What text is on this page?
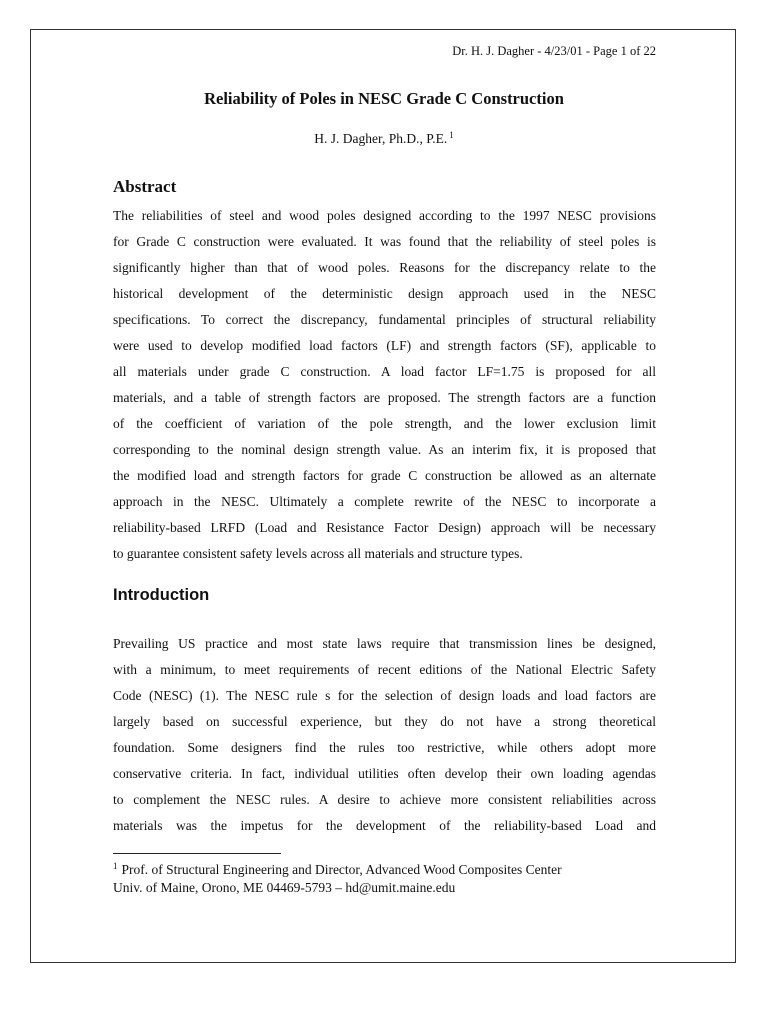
Dr. H. J. Dagher - 4/23/01 - Page 1 of 22
Reliability of Poles in NESC Grade C Construction
H. J. Dagher, Ph.D., P.E. $^1$
Abstract
The reliabilities of steel and wood poles designed according to the 1997 NESC provisions
for Grade C construction were evaluated. It was found that the reliability of steel poles is
significantly higher than that of wood poles. Reasons for the discrepancy relate to the
historical development of the deterministic design approach used in the NESC
specifications. To correct the discrepancy, fundamental principles of structural reliability
were used to develop modified load factors (LF) and strength factors (SF), applicable to
all materials under grade C construction. A load factor LF=1.75 is proposed for all
materials, and a table of strength factors are proposed. The strength factors are a function
of the coefficient of variation of the pole strength, and the lower exclusion limit
corresponding to the nominal design strength value. As an interim fix, it is proposed that
the modified load and strength factors for grade C construction be allowed as an alternate
approach in the NESC. Ultimately a complete rewrite of the NESC to incorporate a
reliability-based LRFD (Load and Resistance Factor Design) approach will be necessary
to guarantee consistent safety levels across all materials and structure types.
Introduction
Prevailing US practice and most state laws require that transmission lines be designed,
with a minimum, to meet requirements of recent editions of the National Electric Safety
Code (NESC) (1). The NESC rule s for the selection of design loads and load factors are
largely based on successful experience, but they do not have a strong theoretical
foundation. Some designers find the rules too restrictive, while others adopt more
conservative criteria. In fact, individual utilities often develop their own loading agendas
to complement the NESC rules. A desire to achieve more consistent reliabilities across
materials was the impetus for the development of the reliability-based Load and
$^1$ Prof. of Structural Engineering and Director, Advanced Wood Composites Center
Univ. of Maine, Orono, ME 04469-5793 – hd@umit.maine.edu
